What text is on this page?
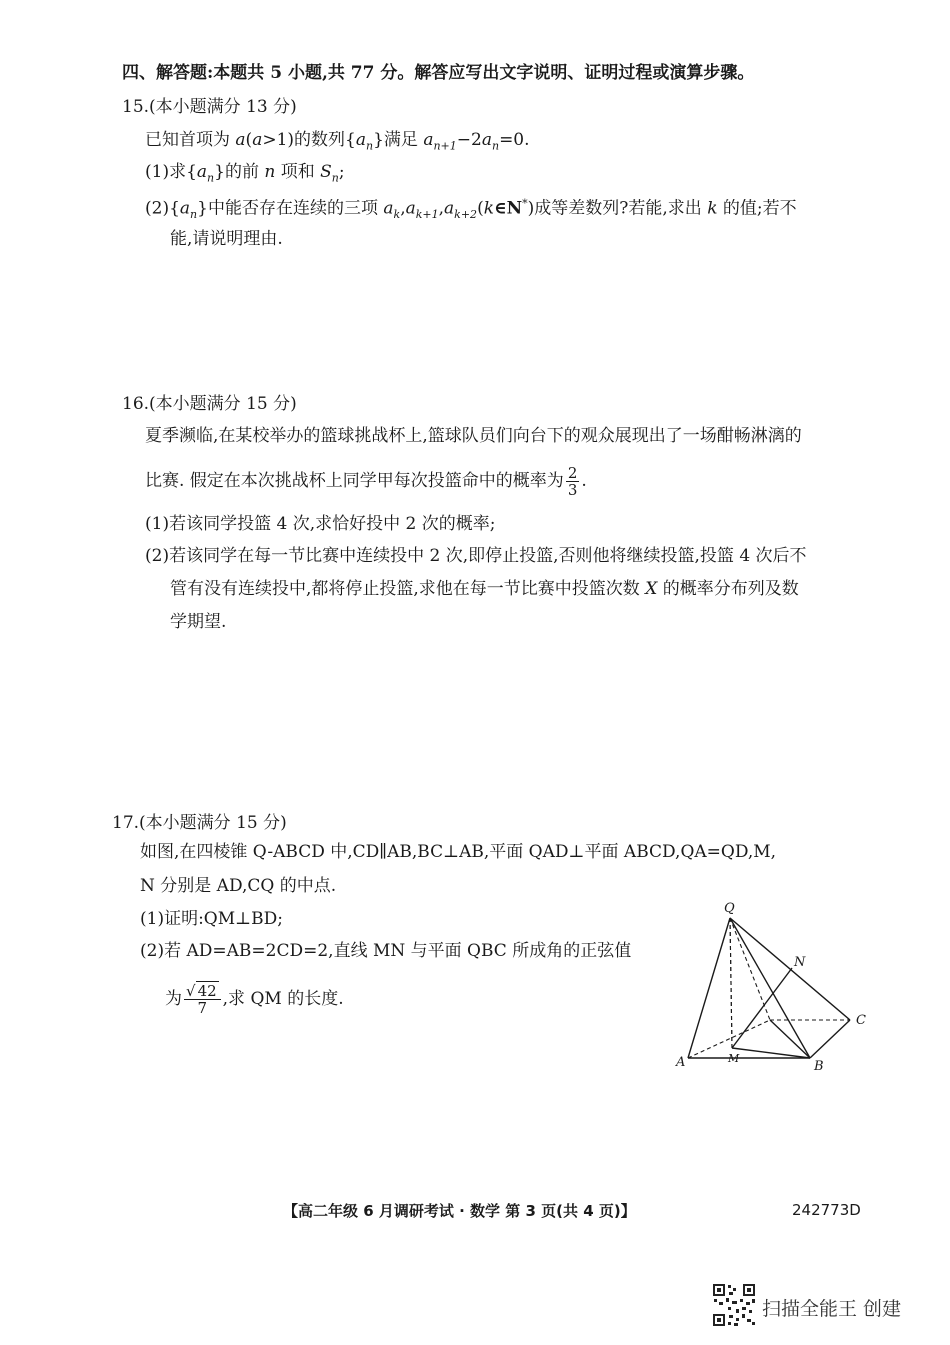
四、解答题:本题共 5 小题,共 77 分。解答应写出文字说明、证明过程或演算步骤。
15.(本小题满分 13 分)
已知首项为 a(a>1)的数列$\{a_n\}$满足 $a_{n+1}-2a_n=0$.
(1)求$\{a_n\}$的前 n 项和 $S_n$;
$(2)\{a_n\}$中能否存在连续的三项 $a_k,a_{k+1},a_{k+2}(k\in N^*)$成等差数列?若能,求出 k 的值;若不
能,请说明理由.
16.(本小题满分 15 分)
夏季濒临,在某校举办的篮球挑战杯上,篮球队员们向台下的观众展现出了一场酣畅淋漓的
比赛. 假定在本次挑战杯上同学甲每次投篮命中的概率为 $\frac{2}{3}$ .
(1)若该同学投篮 4 次,求恰好投中 2 次的概率;
(2)若该同学在每一节比赛中连续投中 2 次,即停止投篮,否则他将继续投篮,投篮 4 次后不
管有没有连续投中,都将停止投篮,求他在每一节比赛中投篮次数 X 的概率分布列及数
学期望.
17.(本小题满分 15 分)
如图,在四棱锥 Q-ABCD 中,CD∥AB,BC⊥AB,平面 QAD⊥平面 ABCD,QA=QD,M,
N 分别是 AD,CQ 的中点.
(1)证明:QM⊥BD;
(2)若 AD=AB=2CD=2,直线 MN 与平面 QBC 所成角的正弦值
为 $\frac{√ 42}{7}$ ,求 QM 的长度.
Q
N
C
A	M
B
【高二年级 6 月调研考试 · 数学 第 3 页(共 4 页)】	242773D
扫描全能王 创建
